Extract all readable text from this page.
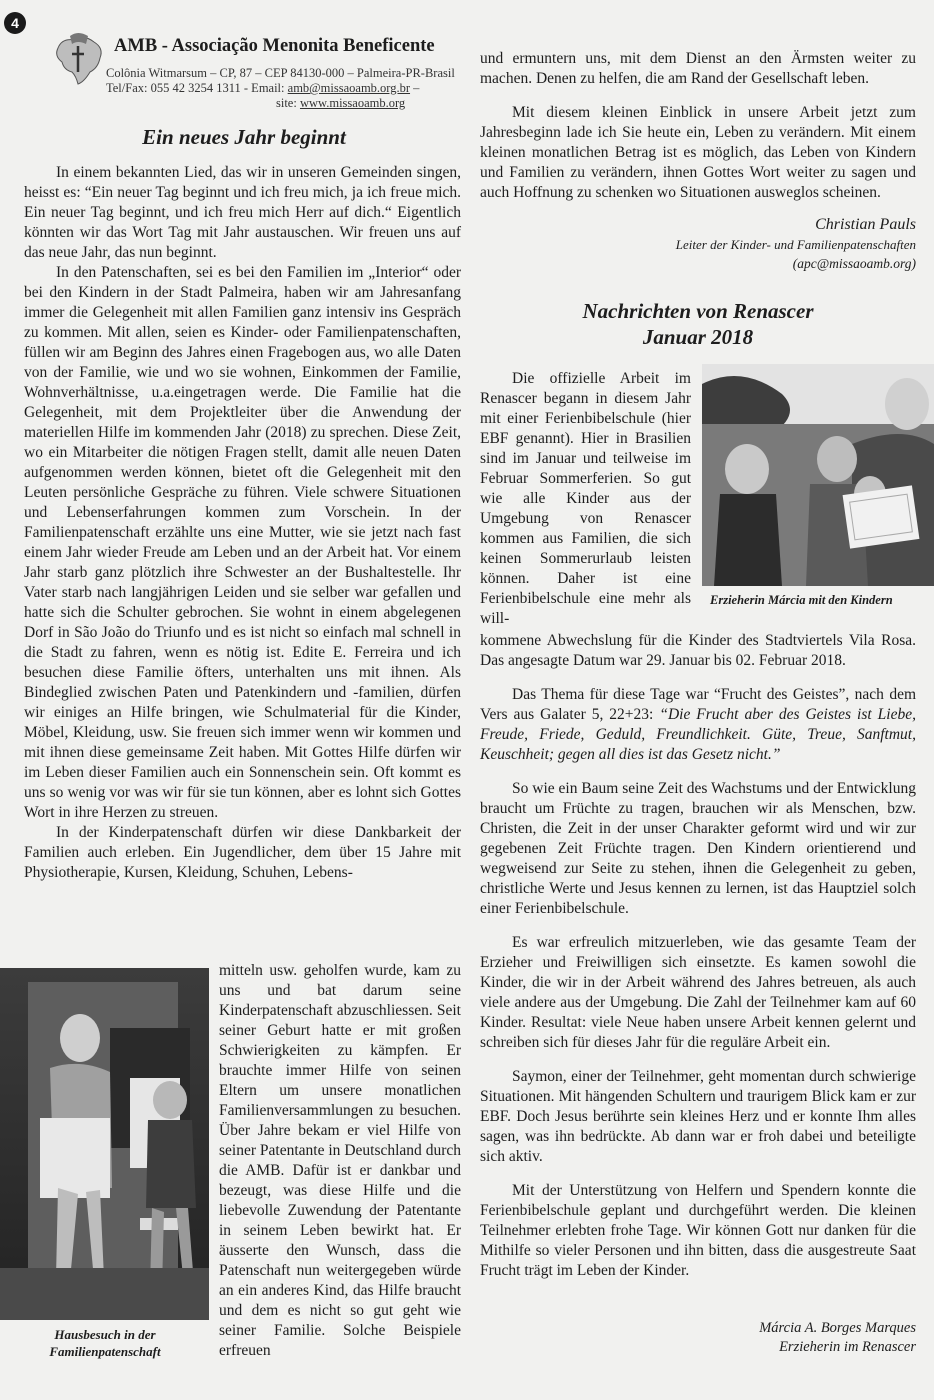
4
AMB - Associação Menonita Beneficente
Colônia Witmarsum – CP, 87 – CEP 84130-000 – Palmeira-PR-Brasil
Tel/Fax: 055 42 3254 1311 - Email: amb@missaoamb.org.br –
site: www.missaoamb.org
Ein neues Jahr beginnt

In einem bekannten Lied, das wir in unseren Gemeinden singen, heisst es: “Ein neuer Tag beginnt und ich freu mich, ja ich freue mich. Ein neuer Tag beginnt, und ich freu mich Herr auf dich.“ Eigentlich könnten wir das Wort Tag mit Jahr austauschen. Wir freuen uns auf das neue Jahr, das nun beginnt.

In den Patenschaften, sei es bei den Familien im „Interior“ oder bei den Kindern in der Stadt Palmeira, haben wir am Jahresanfang immer die Gelegenheit mit allen Familien ganz intensiv ins Gespräch zu kommen. Mit allen, seien es Kinder- oder Familienpatenschaften, füllen wir am Beginn des Jahres einen Fragebogen aus, wo alle Daten von der Familie, wie und wo sie wohnen, Einkommen der Familie, Wohnverhältnisse, u.a.eingetragen werde. Die Familie hat die Gelegenheit, mit dem Projektleiter über die Anwendung der materiellen Hilfe im kommenden Jahr (2018) zu sprechen. Diese Zeit, wo ein Mitarbeiter die nötigen Fragen stellt, damit alle neuen Daten aufgenommen werden können, bietet oft die Gelegenheit mit den Leuten persönliche Gespräche zu führen. Viele schwere Situationen und Lebenserfahrungen kommen zum Vorschein. In der Familienpatenschaft erzählte uns eine Mutter, wie sie jetzt nach fast einem Jahr wieder Freude am Leben und an der Arbeit hat. Vor einem Jahr starb ganz plötzlich ihre Schwester an der Bushaltestelle. Ihr Vater starb nach langjährigen Leiden und sie selber war gefallen und hatte sich die Schulter gebrochen. Sie wohnt in einem abgelegenen Dorf in São João do Triunfo und es ist nicht so einfach mal schnell in die Stadt zu fahren, wenn es nötig ist. Edite E. Ferreira und ich besuchen diese Familie öfters, unterhalten uns mit ihnen. Als Bindeglied zwischen Paten und Patenkindern und -familien, dürfen wir einiges an Hilfe bringen, wie Schulmaterial für die Kinder, Möbel, Kleidung, usw. Sie freuen sich immer wenn wir kommen und mit ihnen diese gemeinsame Zeit haben. Mit Gottes Hilfe dürfen wir im Leben dieser Familien auch ein Sonnenschein sein. Oft kommt es uns so wenig vor was wir für sie tun können, aber es lohnt sich Gottes Wort in ihre Herzen zu streuen.

In der Kinderpatenschaft dürfen wir diese Dankbarkeit der Familien auch erleben. Ein Jugendlicher, dem über 15 Jahre mit Physiotherapie, Kursen, Kleidung, Schuhen, Lebens-

Hausbesuch in der Familienpatenschaft

mitteln usw. geholfen wurde, kam zu uns und bat darum seine Kinderpatenschaft abzuschliessen. Seit seiner Geburt hatte er mit großen Schwierigkeiten zu kämpfen. Er brauchte immer Hilfe von seinen Eltern um unsere monatlichen Familienversammlungen zu besuchen. Über Jahre bekam er viel Hilfe von seiner Patentante in Deutschland durch die AMB. Dafür ist er dankbar und bezeugt, was diese Hilfe und die liebevolle Zuwendung der Patentante in seinem Leben bewirkt hat. Er äusserte den Wunsch, dass die Patenschaft nun weitergegeben würde an ein anderes Kind, das Hilfe braucht und dem es nicht so gut geht wie seiner Familie. Solche Beispiele erfreuen

und ermuntern uns, mit dem Dienst an den Ärmsten weiter zu machen. Denen zu helfen, die am Rand der Gesellschaft leben.

Mit diesem kleinen Einblick in unsere Arbeit jetzt zum Jahresbeginn lade ich Sie heute ein, Leben zu verändern. Mit einem kleinen monatlichen Betrag ist es möglich, das Leben von Kindern und Familien zu verändern, ihnen Gottes Wort weiter zu sagen und auch Hoffnung zu schenken wo Situationen ausweglos scheinen.

Christian Pauls
Leiter der Kinder- und Familienpatenschaften
(apc@missaoamb.org)
Nachrichten von Renascer
Januar 2018
Erzieherin Márcia mit den Kindern

Die offizielle Arbeit im Renascer begann in diesem Jahr mit einer Ferienbibelschule (hier EBF genannt). Hier in Brasilien sind im Januar und teilweise im Februar Sommerferien. So gut wie alle Kinder aus der Umgebung von Renascer kommen aus Familien, die sich keinen Sommerurlaub leisten können. Daher ist eine Ferienbibelschule eine mehr als will-

kommene Abwechslung für die Kinder des Stadtviertels Vila Rosa. Das angesagte Datum war 29. Januar bis 02. Februar 2018.

Das Thema für diese Tage war “Frucht des Geistes”, nach dem Vers aus Galater 5, 22+23: “Die Frucht aber des Geistes ist Liebe, Freude, Friede, Geduld, Freundlichkeit. Güte, Treue, Sanftmut, Keuschheit; gegen all dies ist das Gesetz nicht.”

So wie ein Baum seine Zeit des Wachstums und der Entwicklung braucht um Früchte zu tragen, brauchen wir als Menschen, bzw. Christen, die Zeit in der unser Charakter geformt wird und wir zur gegebenen Zeit Früchte tragen. Den Kindern orientierend und wegweisend zur Seite zu stehen, ihnen die Gelegenheit zu geben, christliche Werte und Jesus kennen zu lernen, ist das Hauptziel solch einer Ferienbibelschule.

Es war erfreulich mitzuerleben, wie das gesamte Team der Erzieher und Freiwilligen sich einsetzte. Es kamen sowohl die Kinder, die wir in der Arbeit während des Jahres betreuen, als auch viele andere aus der Umgebung. Die Zahl der Teilnehmer kam auf 60 Kinder. Resultat: viele Neue haben unsere Arbeit kennen gelernt und schreiben sich für dieses Jahr für die reguläre Arbeit ein.

Saymon, einer der Teilnehmer, geht momentan durch schwierige Situationen. Mit hängenden Schultern und traurigem Blick kam er zur EBF. Doch Jesus berührte sein kleines Herz und er konnte Ihm alles sagen, was ihn bedrückte. Ab dann war er froh dabei und beteiligte sich aktiv.

Mit der Unterstützung von Helfern und Spendern konnte die Ferienbibelschule geplant und durchgeführt werden. Die kleinen Teilnehmer erlebten frohe Tage. Wir können Gott nur danken für die Mithilfe so vieler Personen und ihn bitten, dass die ausgestreute Saat Frucht trägt im Leben der Kinder.

Márcia A. Borges Marques
Erzieherin im Renascer
